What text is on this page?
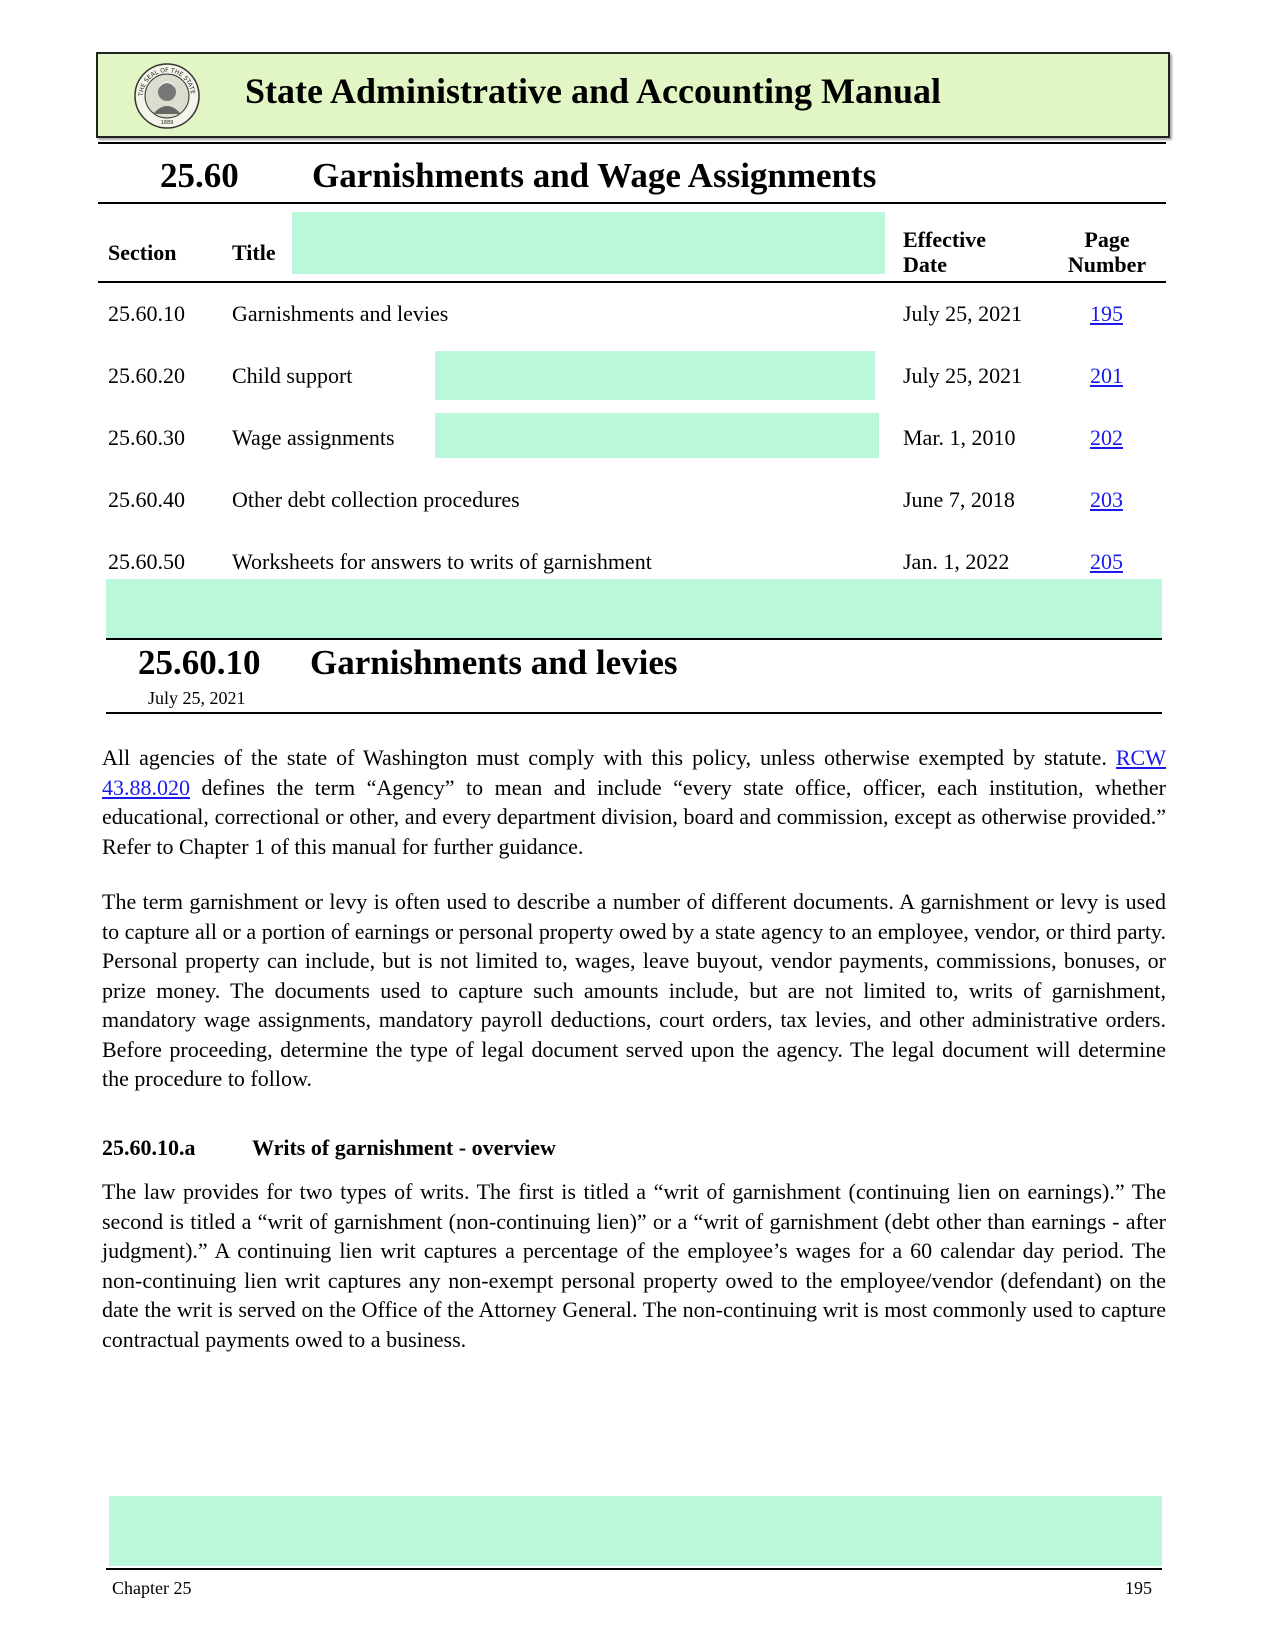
THE SEAL OF THE STATE
1889
State Administrative and Accounting Manual
25.60 Garnishments and Wage Assignments
Section	Title
Effective
Date
Page
Number
25.60.10 Garnishments and levies	July 25, 2021	195
25.60.20 Child support	July 25, 2021	201
25.60.30 Wage assignments	Mar. 1, 2010	202
25.60.40 Other debt collection procedures	June 7, 2018	203
25.60.50 Worksheets for answers to writs of garnishment	Jan. 1, 2022	205
25.60.10 Garnishments and levies
July 25, 2021

All agencies of the state of Washington must comply with this policy, unless otherwise exempted by statute. RCW 43.88.020 defines the term “Agency” to mean and include “every state office, officer, each institution, whether educational, correctional or other, and every department division, board and commission, except as otherwise provided.” Refer to Chapter 1 of this manual for further guidance.

The term garnishment or levy is often used to describe a number of different documents. A garnishment or levy is used to capture all or a portion of earnings or personal property owed by a state agency to an employee, vendor, or third party. Personal property can include, but is not limited to, wages, leave buyout, vendor payments, commissions, bonuses, or prize money. The documents used to capture such amounts include, but are not limited to, writs of garnishment, mandatory wage assignments, mandatory payroll deductions, court orders, tax levies, and other administrative orders. Before proceeding, determine the type of legal document served upon the agency. The legal document will determine the procedure to follow.

25.60.10.a	Writs of garnishment - overview

The law provides for two types of writs. The first is titled a “writ of garnishment (continuing lien on earnings).” The second is titled a “writ of garnishment (non-continuing lien)” or a “writ of garnishment (debt other than earnings - after judgment).” A continuing lien writ captures a percentage of the employee’s wages for a 60 calendar day period. The non-continuing lien writ captures any non-exempt personal property owed to the employee/vendor (defendant) on the date the writ is served on the Office of the Attorney General. The non-continuing writ is most commonly used to capture contractual payments owed to a business.

Chapter 25	195
